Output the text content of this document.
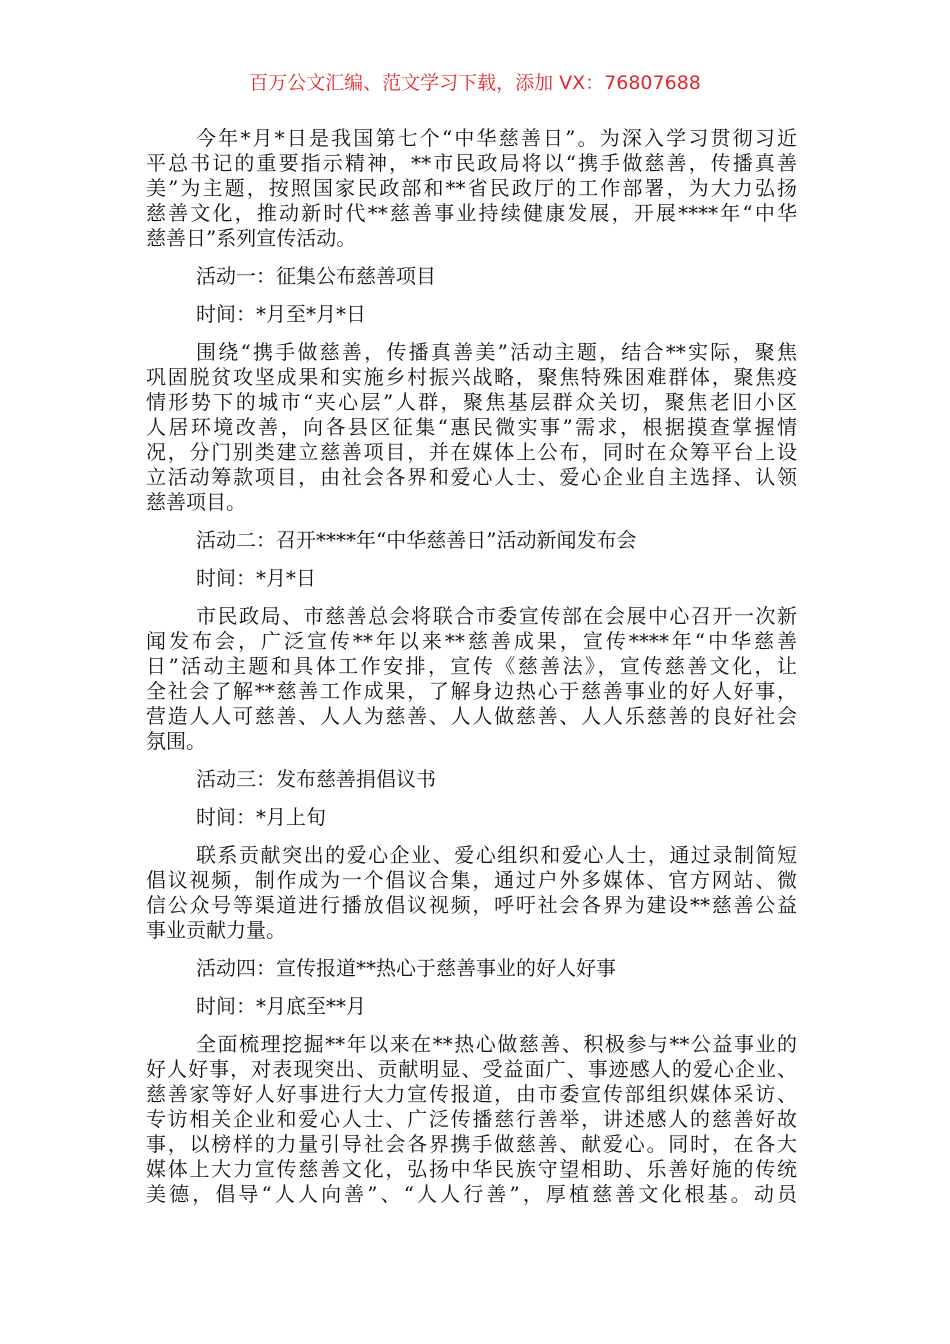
百万公文汇编、范文学习下载，添加 VX：76807688
今年*月*日是我国第七个“中华慈善日”。为深入学习贯彻习近
平总书记的重要指示精神，**市民政局将以“携手做慈善，传播真善
美”为主题，按照国家民政部和**省民政厅的工作部署，为大力弘扬
慈善文化，推动新时代**慈善事业持续健康发展，开展****年“中华
慈善日”系列宣传活动。
活动一：征集公布慈善项目
时间：*月至*月*日
围绕“携手做慈善，传播真善美”活动主题，结合**实际，聚焦
巩固脱贫攻坚成果和实施乡村振兴战略，聚焦特殊困难群体，聚焦疫
情形势下的城市“夹心层”人群，聚焦基层群众关切，聚焦老旧小区
人居环境改善，向各县区征集“惠民微实事”需求，根据摸查掌握情
况，分门别类建立慈善项目，并在媒体上公布，同时在众筹平台上设
立活动筹款项目，由社会各界和爱心人士、爱心企业自主选择、认领
慈善项目。
活动二：召开****年“中华慈善日”活动新闻发布会
时间：*月*日
市民政局、市慈善总会将联合市委宣传部在会展中心召开一次新
闻发布会，广泛宣传**年以来**慈善成果，宣传****年“中华慈善
日”活动主题和具体工作安排，宣传《慈善法》，宣传慈善文化，让
全社会了解**慈善工作成果，了解身边热心于慈善事业的好人好事，
营造人人可慈善、人人为慈善、人人做慈善、人人乐慈善的良好社会
氛围。
活动三：发布慈善捐倡议书
时间：*月上旬
联系贡献突出的爱心企业、爱心组织和爱心人士，通过录制简短
倡议视频，制作成为一个倡议合集，通过户外多媒体、官方网站、微
信公众号等渠道进行播放倡议视频，呼吁社会各界为建设**慈善公益
事业贡献力量。
活动四：宣传报道**热心于慈善事业的好人好事
时间：*月底至**月
全面梳理挖掘**年以来在**热心做慈善、积极参与**公益事业的
好人好事，对表现突出、贡献明显、受益面广、事迹感人的爱心企业、
慈善家等好人好事进行大力宣传报道，由市委宣传部组织媒体采访、
专访相关企业和爱心人士、广泛传播慈行善举，讲述感人的慈善好故
事，以榜样的力量引导社会各界携手做慈善、献爱心。同时，在各大
媒体上大力宣传慈善文化，弘扬中华民族守望相助、乐善好施的传统
美德，倡导“人人向善”、“人人行善”，厚植慈善文化根基。动员
